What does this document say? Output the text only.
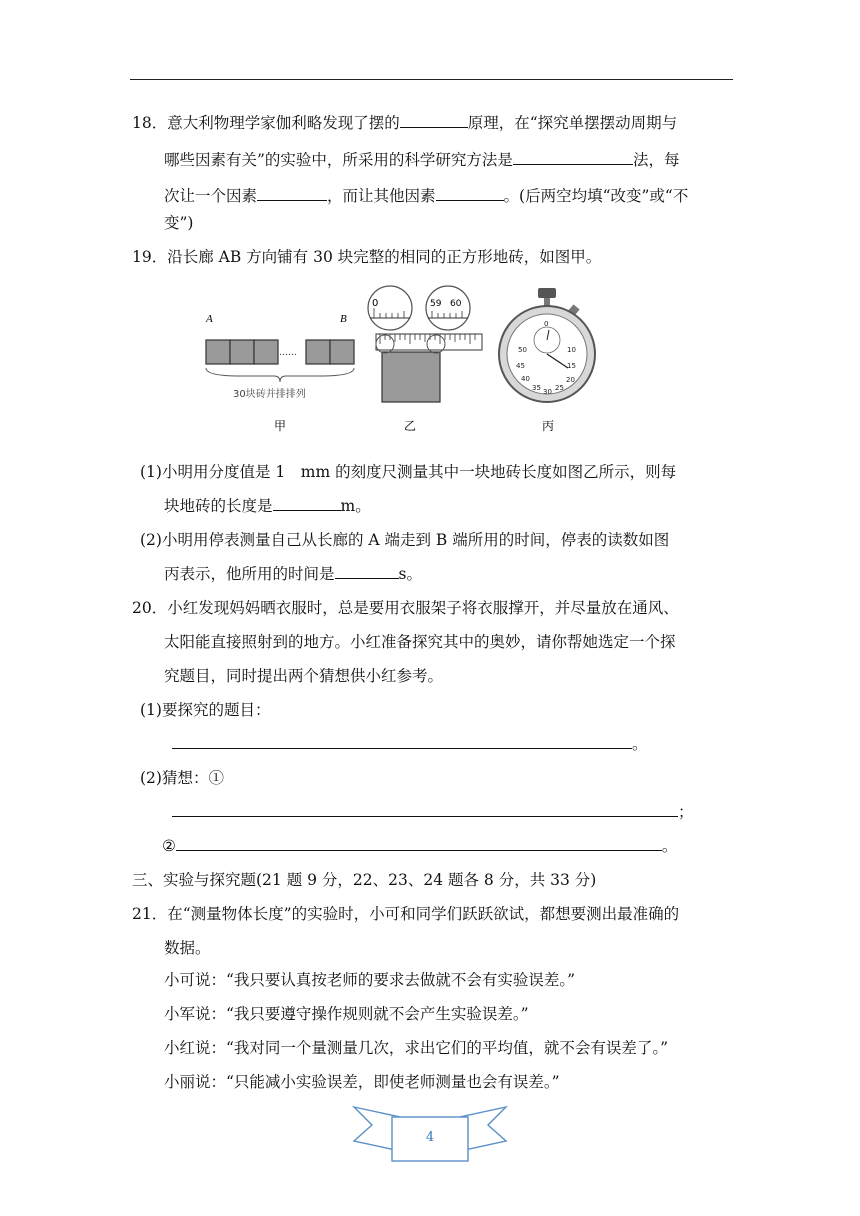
18．意大利物理学家伽利略发现了摆的	原理，在“探究单摆摆动周期与
哪些因素有关”的实验中，所采用的科学研究方法是	法，每
次让一个因素	，而让其他因素	。(后两空均填“改变”或“不
变”)
19．沿长廊 AB 方向铺有 30 块完整的相同的正方形地砖，如图甲。
A	B
……
30块砖并排排列
甲
0	59 60
乙
50
0
10
45	15
40	20
35 30 25
丙
(1)小明用分度值是 1　mm 的刻度尺测量其中一块地砖长度如图乙所示，则每
块地砖的长度是	m。
(2)小明用停表测量自己从长廊的 A 端走到 B 端所用的时间，停表的读数如图
丙表示，他所用的时间是	s。
20．小红发现妈妈晒衣服时，总是要用衣服架子将衣服撑开，并尽量放在通风、
太阳能直接照射到的地方。小红准备探究其中的奥妙，请你帮她选定一个探
究题目，同时提出两个猜想供小红参考。
(1)要探究的题目：
。
(2)猜想：①
；
②	。
三、实验与探究题(21 题 9 分，22、23、24 题各 8 分，共 33 分)
21．在“测量物体长度”的实验时，小可和同学们跃跃欲试，都想要测出最准确的
数据。
小可说：“我只要认真按老师的要求去做就不会有实验误差。”
小军说：“我只要遵守操作规则就不会产生实验误差。”
小红说：“我对同一个量测量几次，求出它们的平均值，就不会有误差了。”
小丽说：“只能减小实验误差，即使老师测量也会有误差。”
4
